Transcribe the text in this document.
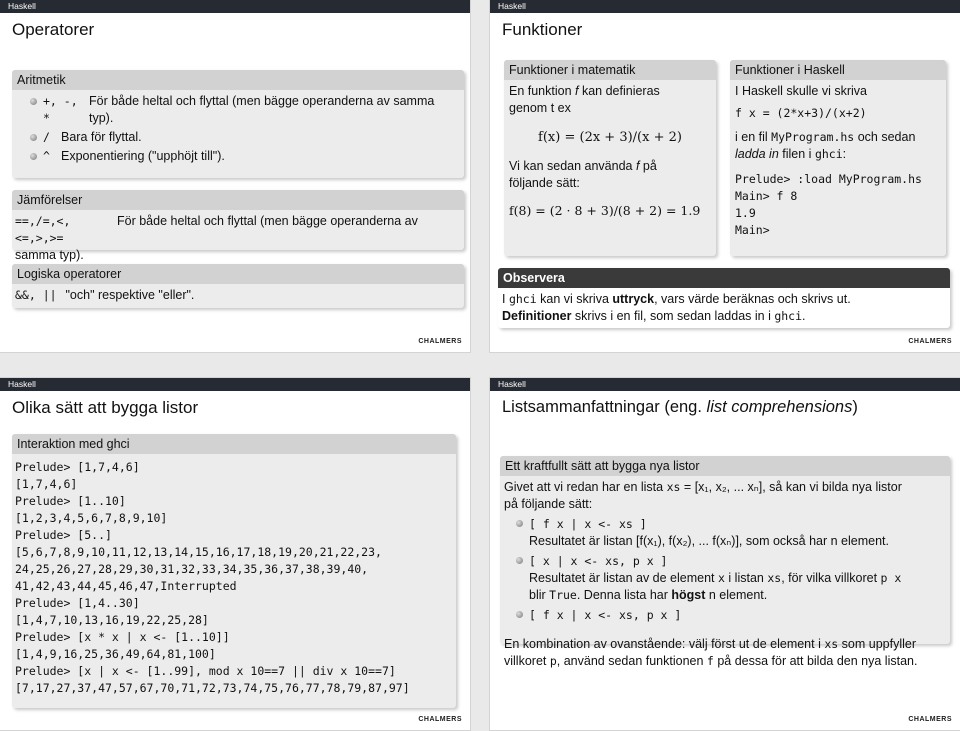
Haskell
Operatorer
Aritmetik
+, -, *
För både heltal och flyttal (men bägge operanderna av samma typ).
/ Bara för flyttal.
^ Exponentiering ("upphöjt till").
Jämförelser
==,/=,<,<=,>,>=
För både heltal och flyttal (men bägge operanderna av
samma typ).
Logiska operatorer
&&, || "och" respektive "eller".
CHALMERS
Haskell
Funktioner
Funktioner i matematik
En funktion f kan definieras
genom t ex
f(x) = (2x + 3)/(x + 2)
Vi kan sedan använda f på
följande sätt:
f(8) = (2 · 8 + 3)/(8 + 2) = 1.9
Funktioner i Haskell
I Haskell skulle vi skriva
f x = (2*x+3)/(x+2)
i en fil MyProgram.hs och sedan
ladda in filen i ghci:
Prelude> :load MyProgram.hs
Main> f 8
1.9
Main>
Observera
I ghci kan vi skriva uttryck, vars värde beräknas och skrivs ut.
Definitioner skrivs i en fil, som sedan laddas in i ghci.
CHALMERS
Haskell
Olika sätt att bygga listor
Interaktion med ghci
Prelude> [1,7,4,6]
[1,7,4,6]
Prelude> [1..10]
[1,2,3,4,5,6,7,8,9,10]
Prelude> [5..]
[5,6,7,8,9,10,11,12,13,14,15,16,17,18,19,20,21,22,23,
24,25,26,27,28,29,30,31,32,33,34,35,36,37,38,39,40,
41,42,43,44,45,46,47,Interrupted
Prelude> [1,4..30]
[1,4,7,10,13,16,19,22,25,28]
Prelude> [x * x | x <- [1..10]]
[1,4,9,16,25,36,49,64,81,100]
Prelude> [x | x <- [1..99], mod x 10==7 || div x 10==7]
[7,17,27,37,47,57,67,70,71,72,73,74,75,76,77,78,79,87,97]
CHALMERS
Haskell
Listsammanfattningar (eng. list comprehensions)
Ett kraftfullt sätt att bygga nya listor
Givet att vi redan har en lista xs = [x₁, x₂, ... xₙ], så kan vi bilda nya listor
på följande sätt:
[ f x | x <- xs ]
Resultatet är listan [f(x₁), f(x₂), ... f(xₙ)], som också har n element.
[ x | x <- xs, p x ]
Resultatet är listan av de element x i listan xs, för vilka villkoret p x
blir True. Denna lista har högst n element.
[ f x | x <- xs, p x ]
En kombination av ovanstående: välj först ut de element i xs som uppfyller
villkoret p, använd sedan funktionen f på dessa för att bilda den nya listan.
CHALMERS
